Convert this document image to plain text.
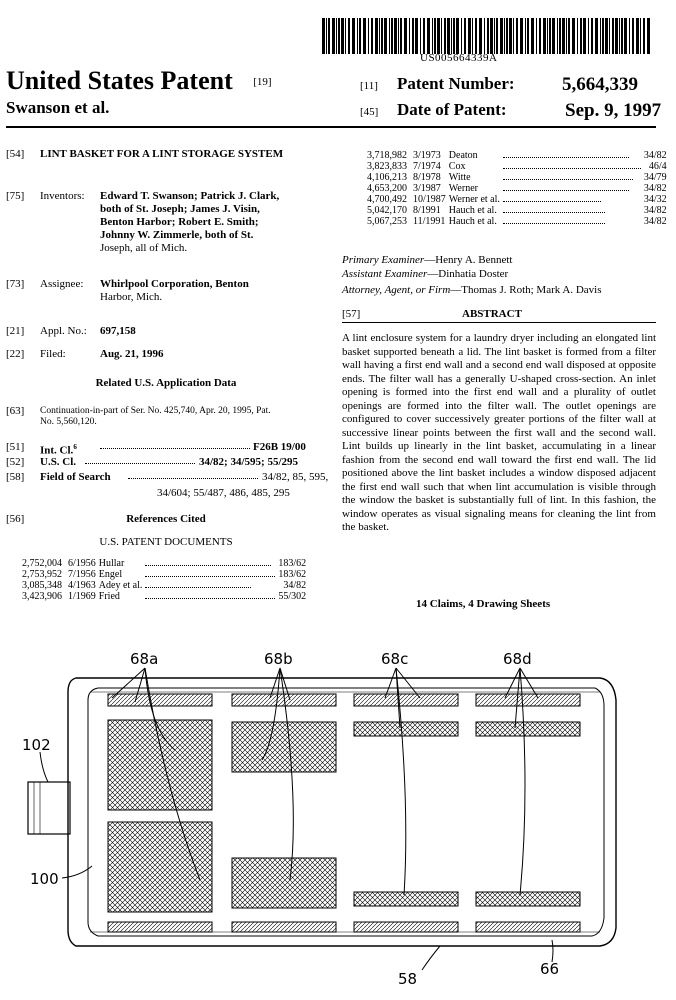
US005664339A
United States Patent [19]
Swanson et al.
[11] Patent Number: 5,664,339
[45] Date of Patent:	Sep. 9, 1997
[54] LINT BASKET FOR A LINT STORAGE SYSTEM
[75] Inventors: Edward T. Swanson; Patrick J. Clark,
both of St. Joseph; James J. Visin,
Benton Harbor; Robert E. Smith;
Johnny W. Zimmerle, both of St.
Joseph, all of Mich.
[73] Assignee: Whirlpool Corporation, Benton
Harbor, Mich.
[21] Appl. No.: 697,158
[22] Filed:	Aug. 21, 1996
Related U.S. Application Data
[63] Continuation-in-part of Ser. No. 425,740, Apr. 20, 1995, Pat.
No. 5,560,120.
[51] Int. Cl.$^6$	F26B 19/00
[52] U.S. Cl.	34/82; 34/595; 55/295
[58] Field of Search	34/82, 85, 595,
34/604; 55/487, 486, 485, 295
[56]	References Cited
U.S. PATENT DOCUMENTS
2,752,004	6/1956	Hullar		183/62
2,753,952	7/1956	Engel		183/62
3,085,348	4/1963	Adey et al.		34/82
3,423,906	1/1969	Fried		55/302
3,718,982	3/1973	Deaton		34/82
3,823,833	7/1974	Cox		46/4
4,106,213	8/1978	Witte		34/79
4,653,200	3/1987	Werner		34/82
4,700,492	10/1987	Werner et al.		34/32
5,042,170	8/1991	Hauch et al.		34/82
5,067,253	11/1991	Hauch et al.		34/82
Primary Examiner—Henry A. Bennett
Assistant Examiner—Dinhatia Doster
Attorney, Agent, or Firm—Thomas J. Roth; Mark A. Davis
[57]	ABSTRACT
A lint enclosure system for a laundry dryer including an elongated lint basket supported beneath a lid. The lint basket is formed from a filter wall having a first end wall and a second end wall disposed at opposite ends. The filter wall has a generally U-shaped cross-section. An inlet opening is formed into the first end wall and a plurality of outlet openings are formed into the filter wall. The outlet openings are configured to cover successively greater portions of the filter wall at successive linear points between the first wall and the second wall. Lint builds up linearly in the lint basket, accumulating in a linear fashion from the second end wall toward the first end wall. The lid positioned above the lint basket includes a window disposed adjacent the first end wall such that when lint accumulation is visible through the window the basket is substantially full of lint. In this fashion, the window operates as visual signaling means for cleaning the lint from the basket.
14 Claims, 4 Drawing Sheets
68a	68b	68c	68d
102
100
58
66
